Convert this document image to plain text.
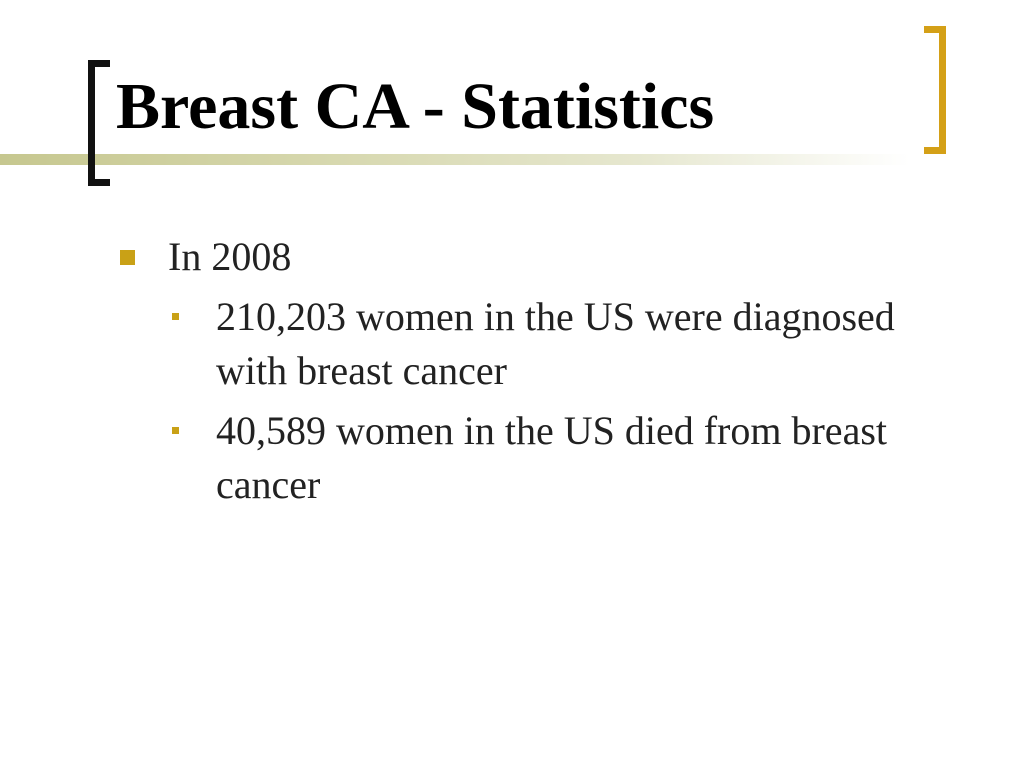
Breast CA - Statistics
In 2008
210,203 women in the US were diagnosed with breast cancer
40,589 women in the US died from breast cancer
